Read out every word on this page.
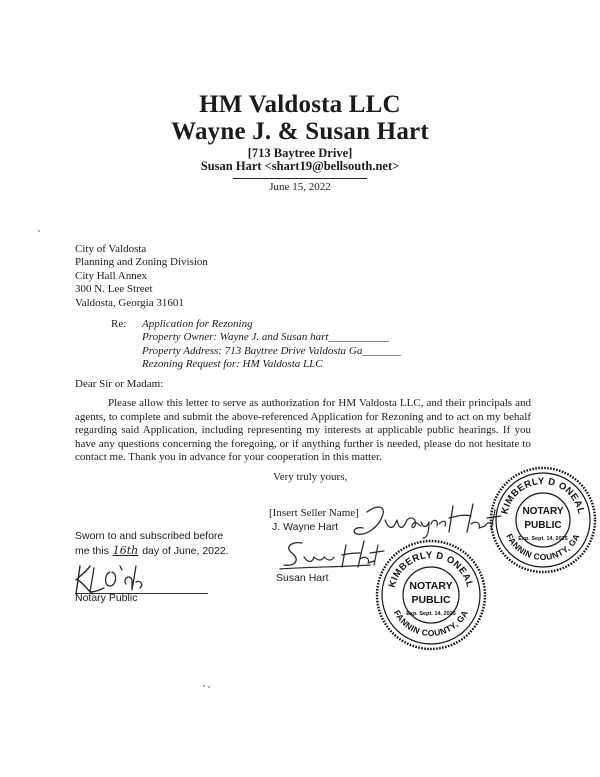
HM Valdosta LLC
Wayne J. & Susan Hart
[713 Baytree Drive]
Susan Hart <shart19@bellsouth.net>
June 15, 2022
City of Valdosta
Planning and Zoning Division
City Hall Annex
300 N. Lee Street
Valdosta, Georgia 31601
Re: Application for Rezoning
Property Owner: Wayne J. and Susan hart___________
Property Address: 713 Baytree Drive Valdosta Ga_______
Rezoning Request for: HM Valdosta LLC
Dear Sir or Madam:
Please allow this letter to serve as authorization for HM Valdosta LLC, and their principals and agents, to complete and submit the above-referenced Application for Rezoning and to act on my behalf regarding said Application, including representing my interests at applicable public hearings. If you have any questions concerning the foregoing, or if anything further is needed, please do not hesitate to contact me. Thank you in advance for your cooperation in this matter.
Very truly yours,
[Insert Seller Name]
J. Wayne Hart
Susan Hart
Sworn to and subscribed before
me this 16th day of June, 2022.
Notary Public
KIMBERLY D ONEAL
FANNIN COUNTY, GA
NOTARY
PUBLIC
Exp. Sept. 14, 2025
KIMBERLY D ONEAL
FANNIN COUNTY, GA
NOTARY
PUBLIC
Exp. Sept. 14, 2025
